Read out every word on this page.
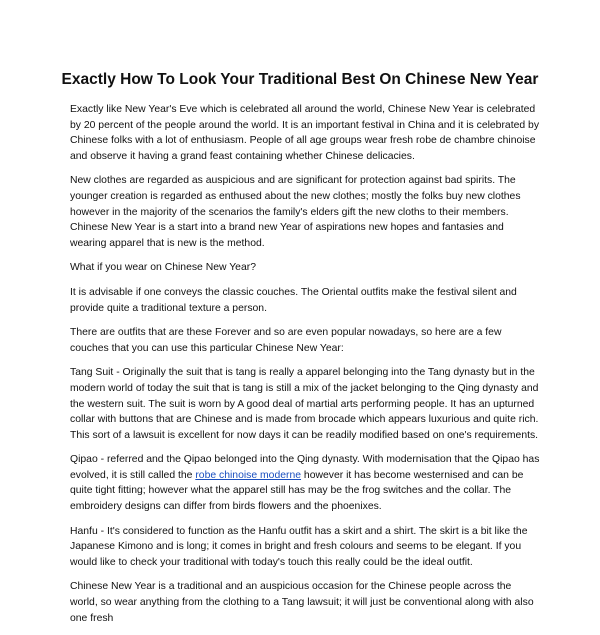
Exactly How To Look Your Traditional Best On Chinese New Year

Exactly like New Year's Eve which is celebrated all around the world, Chinese New Year is celebrated by 20 percent of the people around the world. It is an important festival in China and it is celebrated by Chinese folks with a lot of enthusiasm. People of all age groups wear fresh robe de chambre chinoise and observe it having a grand feast containing whether Chinese delicacies.

New clothes are regarded as auspicious and are significant for protection against bad spirits. The younger creation is regarded as enthused about the new clothes; mostly the folks buy new clothes however in the majority of the scenarios the family's elders gift the new cloths to their members. Chinese New Year is a start into a brand new Year of aspirations new hopes and fantasies and wearing apparel that is new is the method.

What if you wear on Chinese New Year?

It is advisable if one conveys the classic couches. The Oriental outfits make the festival silent and provide quite a traditional texture a person.

There are outfits that are these Forever and so are even popular nowadays, so here are a few couches that you can use this particular Chinese New Year:

Tang Suit - Originally the suit that is tang is really a apparel belonging into the Tang dynasty but in the modern world of today the suit that is tang is still a mix of the jacket belonging to the Qing dynasty and the western suit. The suit is worn by A good deal of martial arts performing people. It has an upturned collar with buttons that are Chinese and is made from brocade which appears luxurious and quite rich. This sort of a lawsuit is excellent for now days it can be readily modified based on one's requirements.

Qipao - referred and the Qipao belonged into the Qing dynasty. With modernisation that the Qipao has evolved, it is still called the robe chinoise moderne however it has become westernised and can be quite tight fitting; however what the apparel still has may be the frog switches and the collar. The embroidery designs can differ from birds flowers and the phoenixes.

Hanfu - It's considered to function as the Hanfu outfit has a skirt and a shirt. The skirt is a bit like the Japanese Kimono and is long; it comes in bright and fresh colours and seems to be elegant. If you would like to check your traditional with today's touch this really could be the ideal outfit.

Chinese New Year is a traditional and an auspicious occasion for the Chinese people across the world, so wear anything from the clothing to a Tang lawsuit; it will just be conventional along with also one fresh
